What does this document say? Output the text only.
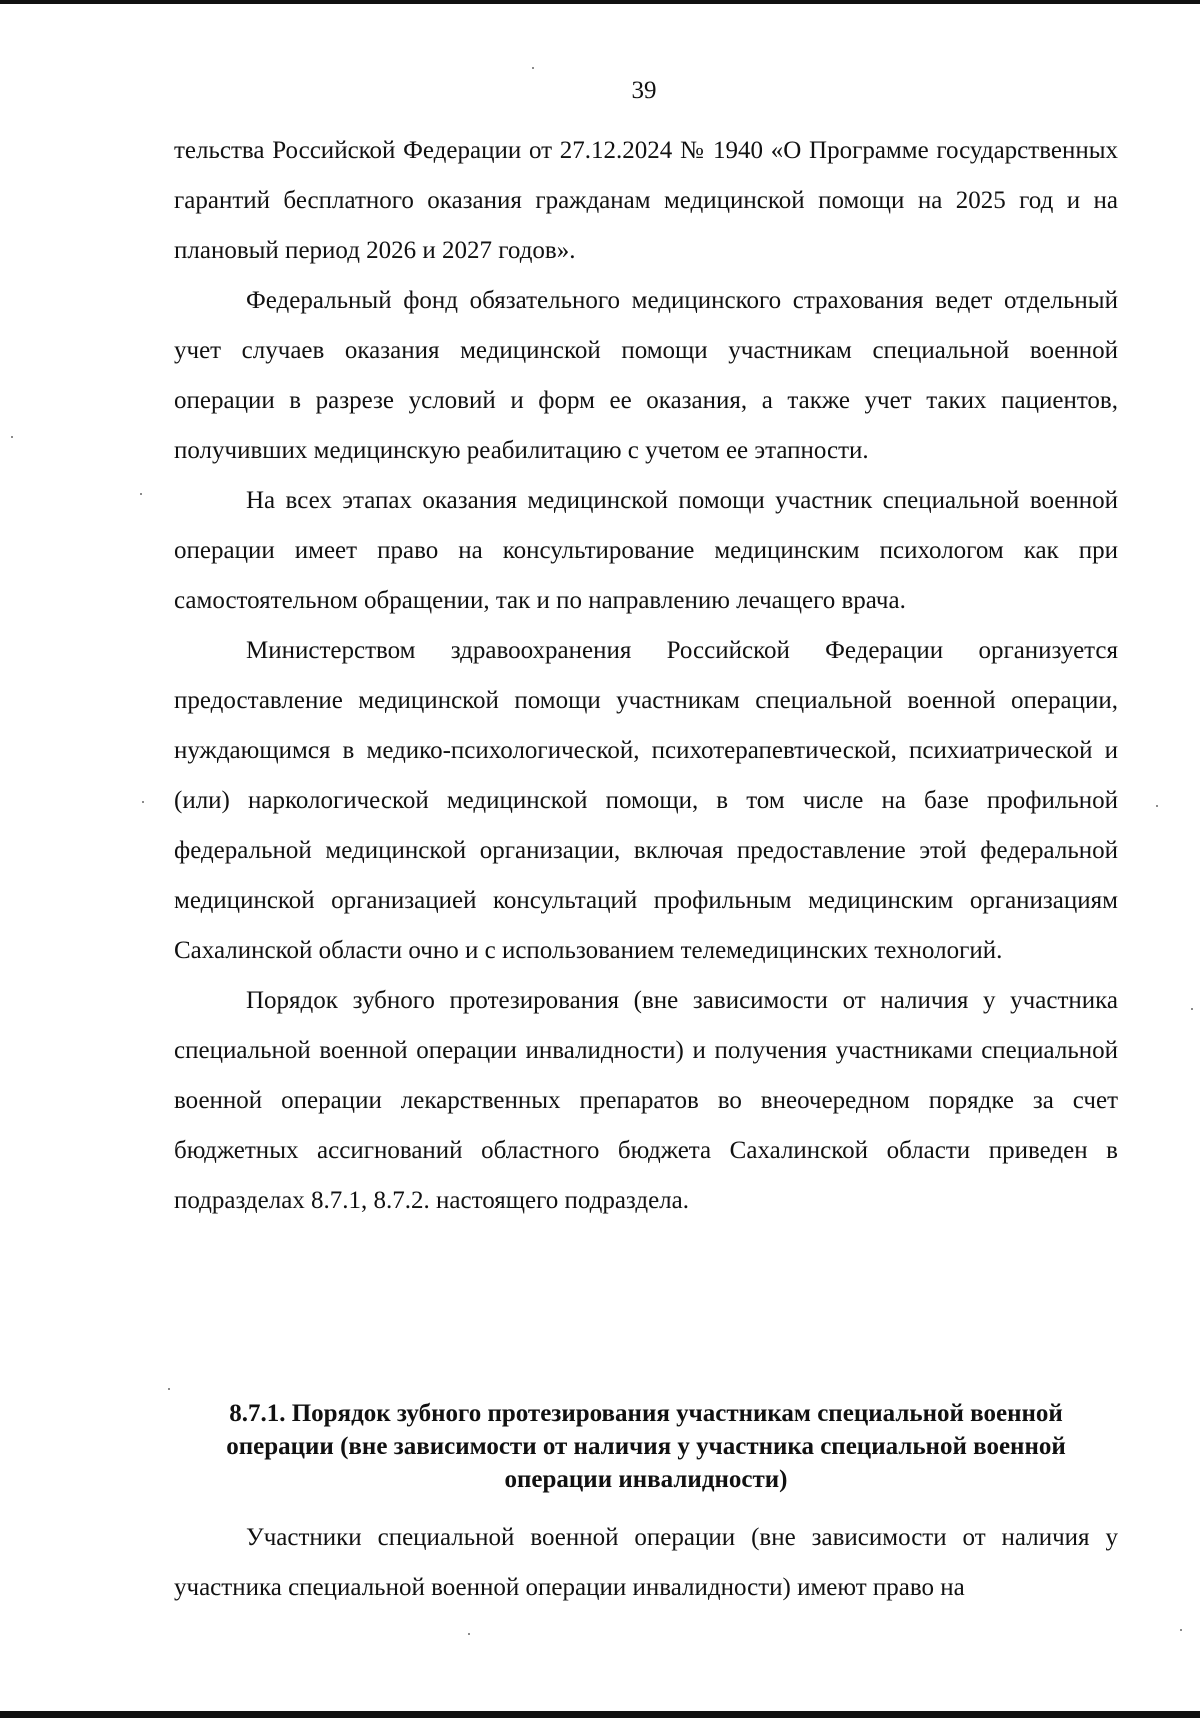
39

тельства Российской Федерации от 27.12.2024 № 1940 «О Программе государственных гарантий бесплатного оказания гражданам медицинской помощи на 2025 год и на плановый период 2026 и 2027 годов».

Федеральный фонд обязательного медицинского страхования ведет отдельный учет случаев оказания медицинской помощи участникам специальной военной операции в разрезе условий и форм ее оказания, а также учет таких пациентов, получивших медицинскую реабилитацию с учетом ее этапности.

На всех этапах оказания медицинской помощи участник специальной военной операции имеет право на консультирование медицинским психологом как при самостоятельном обращении, так и по направлению лечащего врача.

Министерством здравоохранения Российской Федерации организуется предоставление медицинской помощи участникам специальной военной операции, нуждающимся в медико-психологической, психотерапевтической, психиатрической и (или) наркологической медицинской помощи, в том числе на базе профильной федеральной медицинской организации, включая предоставление этой федеральной медицинской организацией консультаций профильным медицинским организациям Сахалинской области очно и с использованием телемедицинских технологий.

Порядок зубного протезирования (вне зависимости от наличия у участника специальной военной операции инвалидности) и получения участниками специальной военной операции лекарственных препаратов во внеочередном порядке за счет бюджетных ассигнований областного бюджета Сахалинской области приведен в подразделах 8.7.1, 8.7.2. настоящего подраздела.

8.7.1. Порядок зубного протезирования участникам специальной военной операции (вне зависимости от наличия у участника специальной военной операции инвалидности)

Участники специальной военной операции (вне зависимости от наличия у участника специальной военной операции инвалидности) имеют право на
